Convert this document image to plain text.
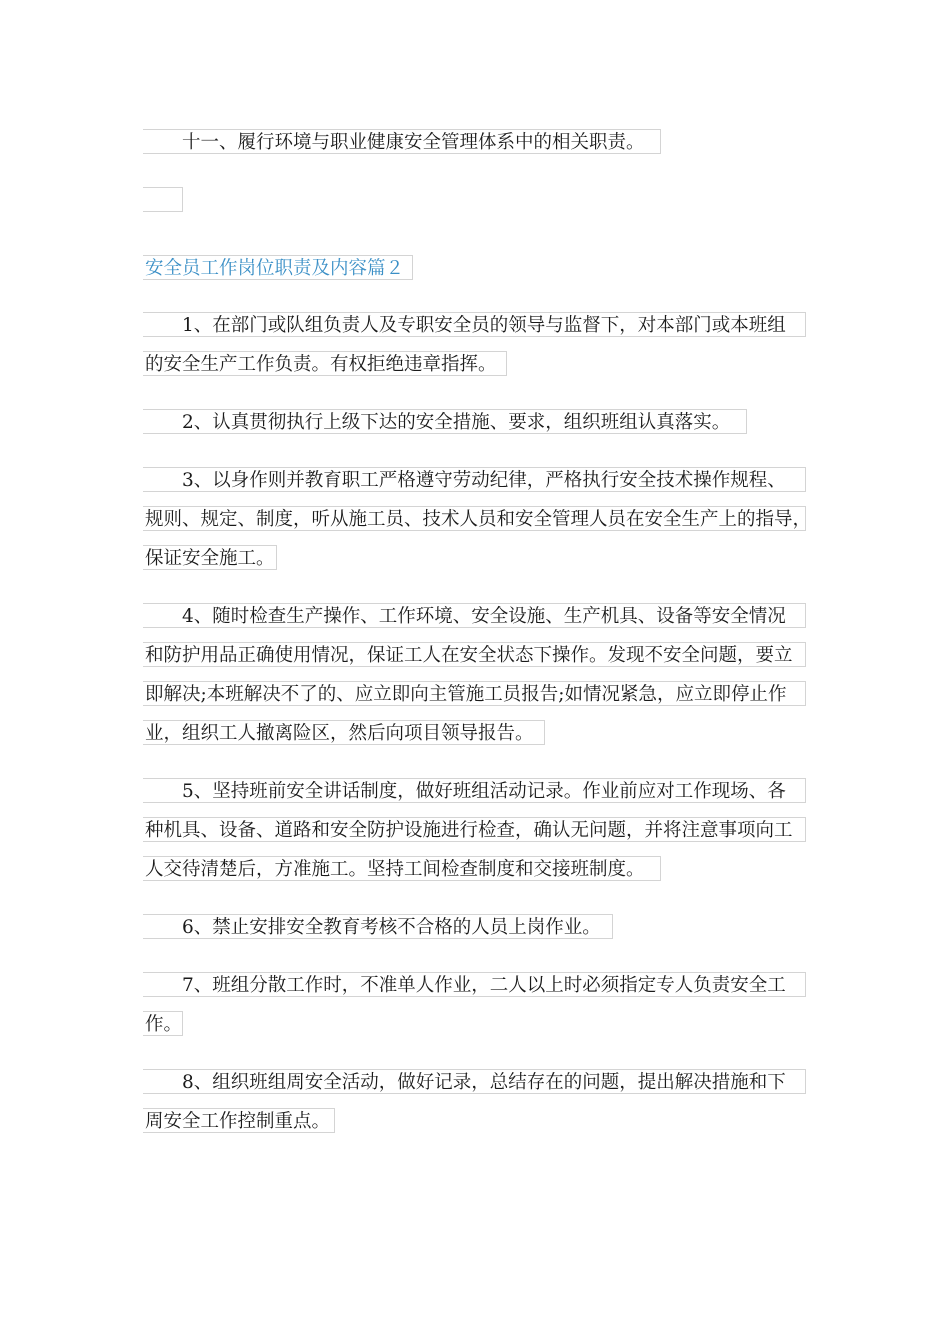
十一、履行环境与职业健康安全管理体系中的相关职责。
安全员工作岗位职责及内容篇２
1、在部门或队组负责人及专职安全员的领导与监督下，对本部门或本班组
的安全生产工作负责。有权拒绝违章指挥。
2、认真贯彻执行上级下达的安全措施、要求，组织班组认真落实。
3、以身作则并教育职工严格遵守劳动纪律，严格执行安全技术操作规程、
规则、规定、制度，听从施工员、技术人员和安全管理人员在安全生产上的指导，
保证安全施工。
4、随时检查生产操作、工作环境、安全设施、生产机具、设备等安全情况
和防护用品正确使用情况，保证工人在安全状态下操作。发现不安全问题，要立
即解决;本班解决不了的、应立即向主管施工员报告;如情况紧急，应立即停止作
业，组织工人撤离险区，然后向项目领导报告。
5、坚持班前安全讲话制度，做好班组活动记录。作业前应对工作现场、各
种机具、设备、道路和安全防护设施进行检查，确认无问题，并将注意事项向工
人交待清楚后，方准施工。坚持工间检查制度和交接班制度。
6、禁止安排安全教育考核不合格的人员上岗作业。
7、班组分散工作时，不准单人作业，二人以上时必须指定专人负责安全工
作。
8、组织班组周安全活动，做好记录，总结存在的问题，提出解决措施和下
周安全工作控制重点。
